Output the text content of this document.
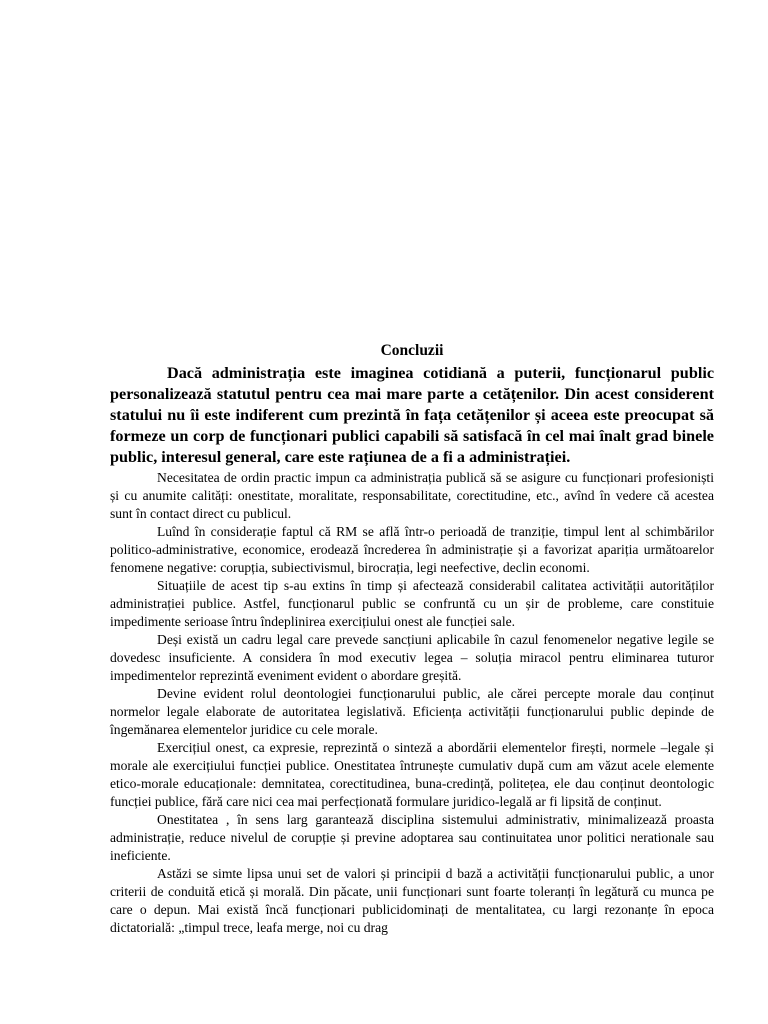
Concluzii

Dacă administrația este imaginea cotidiană a puterii, funcționarul public personalizează statutul pentru cea mai mare parte a cetățenilor. Din acest considerent statului nu îi este indiferent cum prezintă în fața cetățenilor și aceea este preocupat să formeze un corp de funcționari publici capabili să satisfacă în cel mai înalt grad binele public, interesul general, care este rațiunea de a fi a administrației.

Necesitatea de ordin practic impun ca administrația publică să se asigure cu funcționari profesioniști și cu anumite calități: onestitate, moralitate, responsabilitate, corectitudine, etc., avînd în vedere că acestea sunt în contact direct cu publicul.

Luînd în considerație faptul că RM se află într-o perioadă de tranziție, timpul lent al schimbărilor politico-administrative, economice, erodează încrederea în administrație și a favorizat apariția următoarelor fenomene negative: corupția, subiectivismul, birocrația, legi neefective, declin economi.

Situațiile de acest tip s-au extins în timp și afectează considerabil calitatea activității autorităților administrației publice. Astfel, funcționarul public se confruntă cu un șir de probleme, care constituie impedimente serioase întru îndeplinirea exercițiului onest ale funcției sale.

Deși există un cadru legal care prevede sancțiuni aplicabile în cazul fenomenelor negative legile se dovedesc insuficiente. A considera în mod executiv legea – soluția miracol pentru eliminarea tuturor impedimentelor reprezintă eveniment evident o abordare greșită.

Devine evident rolul deontologiei funcționarului public, ale cărei percepte morale dau conținut normelor legale elaborate de autoritatea legislativă. Eficiența activității funcționarului public depinde de îngemănarea elementelor juridice cu cele morale.

Exercițiul onest, ca expresie, reprezintă o sinteză a abordării elementelor firești, normele –legale și morale ale exercițiului funcției publice. Onestitatea întrunește cumulativ după cum am văzut acele elemente etico-morale educaționale: demnitatea, corectitudinea, buna-credință, politețea, ele dau conținut deontologic funcției publice, fără care nici cea mai perfecționată formulare juridico-legală ar fi lipsită de conținut.

Onestitatea , în sens larg garantează disciplina sistemului administrativ, minimalizează proasta administrație, reduce nivelul de corupție și previne adoptarea sau continuitatea unor politici nerationale sau ineficiente.

Astăzi se simte lipsa unui set de valori și principii d bază a activității funcționarului public, a unor criterii de conduită etică și morală. Din păcate, unii funcționari sunt foarte toleranți în legătură cu munca pe care o depun. Mai există încă funcționari publicidominați de mentalitatea, cu largi rezonanțe în epoca dictatorială: „timpul trece, leafa merge, noi cu drag
